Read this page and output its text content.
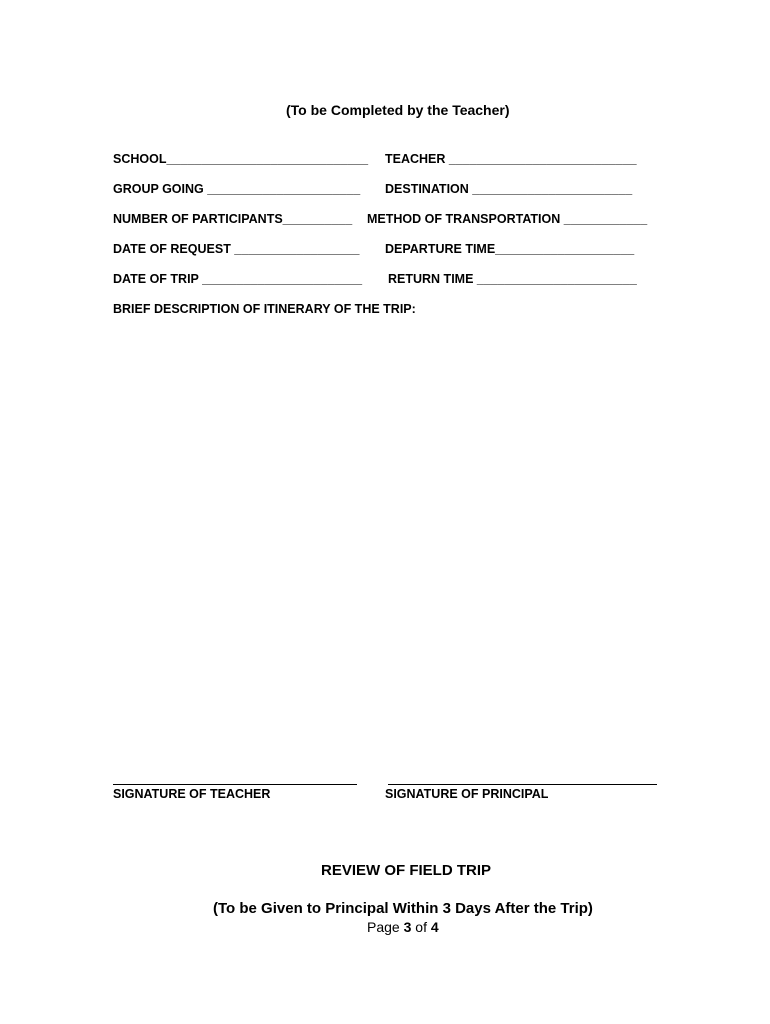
(To be Completed by the Teacher)
SCHOOL_____________________________ TEACHER ___________________________
GROUP GOING ______________________ DESTINATION _______________________
NUMBER OF PARTICIPANTS__________ METHOD OF TRANSPORTATION ____________
DATE OF REQUEST __________________ DEPARTURE TIME____________________
DATE OF TRIP _______________________ RETURN TIME _______________________
BRIEF DESCRIPTION OF ITINERARY OF THE TRIP:
SIGNATURE OF TEACHER	SIGNATURE OF PRINCIPAL
REVIEW OF FIELD TRIP
(To be Given to Principal Within 3 Days After the Trip)
Page 3 of 4
